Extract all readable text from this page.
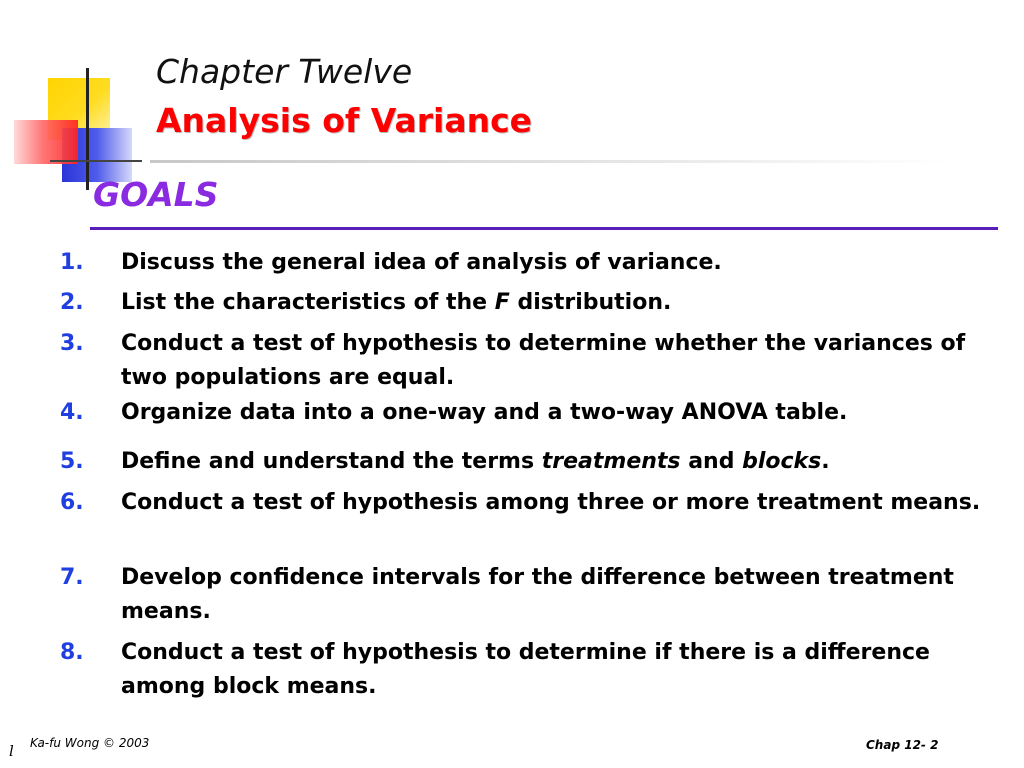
Chapter Twelve
Analysis of Variance
GOALS
1.	Discuss the general idea of analysis of variance.
2.	List the characteristics of the F distribution.
3.	Conduct a test of hypothesis to determine whether the variances of two populations are equal.
4.	Organize data into a one-way and a two-way ANOVA table.
5.	Define and understand the terms treatments and blocks.
6.	Conduct a test of hypothesis among three or more treatment means.
7.	Develop confidence intervals for the difference between treatment means.
8.	Conduct a test of hypothesis to determine if there is a difference among block means.
l Ka-fu Wong © 2003	Chap 12- 2
